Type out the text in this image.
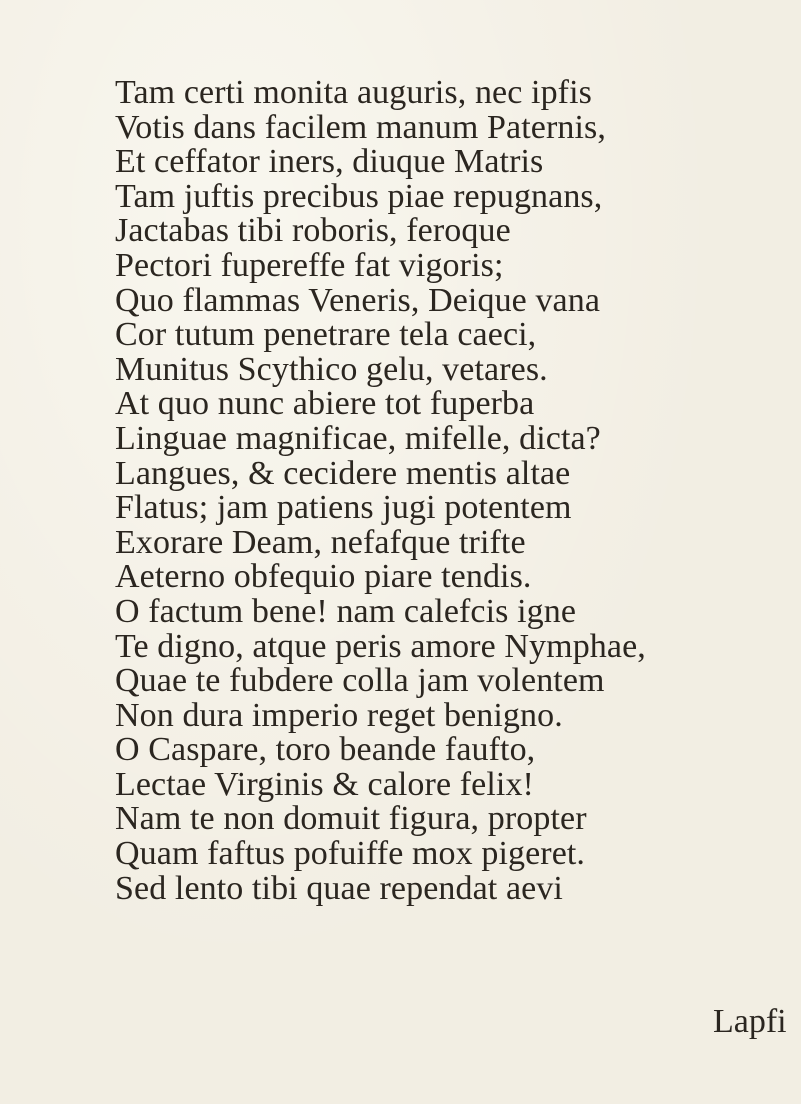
Tam certi monita auguris, nec ipfis
Votis dans facilem manum Paternis,
Et ceffator iners, diuque Matris
Tam juftis precibus piae repugnans,
Jactabas tibi roboris, feroque
Pectori fupereffe fat vigoris;
Quo flammas Veneris, Deique vana
Cor tutum penetrare tela caeci,
Munitus Scythico gelu, vetares.
At quo nunc abiere tot fuperba
Linguae magnificae, mifelle, dicta?
Langues, & cecidere mentis altae
Flatus; jam patiens jugi potentem
Exorare Deam, nefafque trifte
Aeterno obfequio piare tendis.
O factum bene! nam calefcis igne
Te digno, atque peris amore Nymphae,
Quae te fubdere colla jam volentem
Non dura imperio reget benigno.
O Caspare, toro beande faufto,
Lectae Virginis & calore felix!
Nam te non domuit figura, propter
Quam faftus pofuiffe mox pigeret.
Sed lento tibi quae rependat aevi
Lapfi
